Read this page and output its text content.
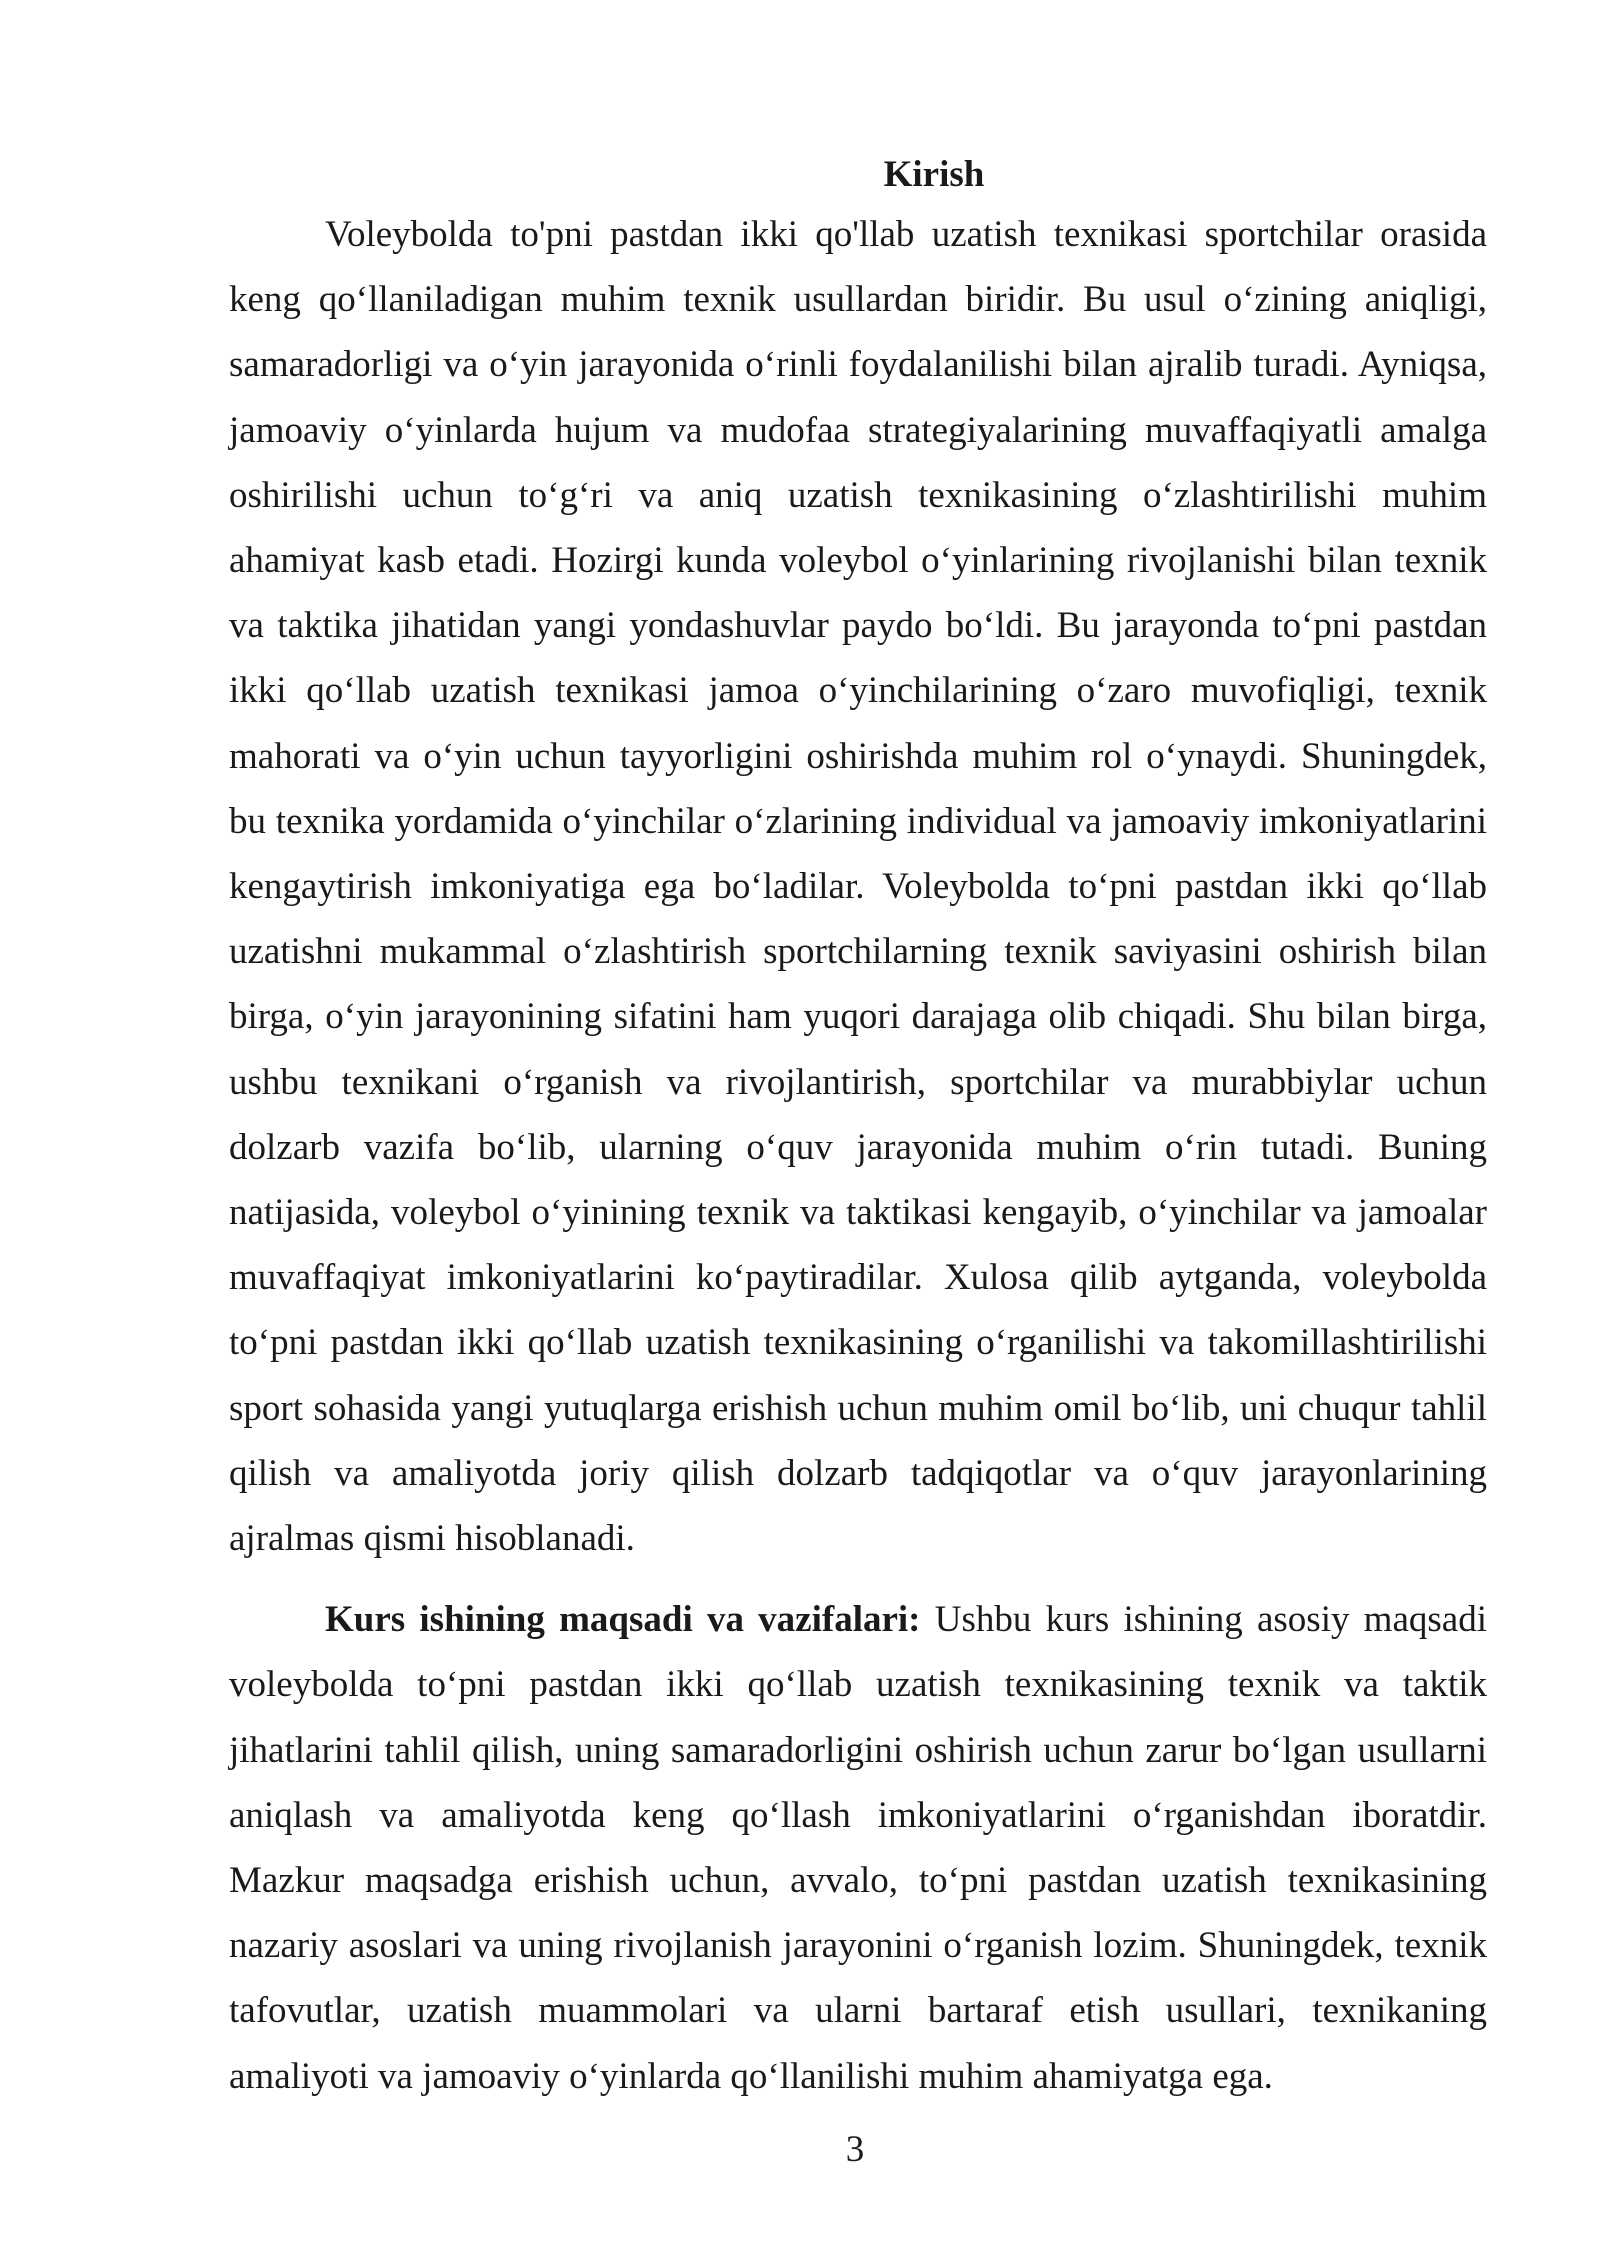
Kirish

Voleybolda to'pni pastdan ikki qo'llab uzatish texnikasi sportchilar orasida keng qoʻllaniladigan muhim texnik usullardan biridir. Bu usul oʻzining aniqligi, samaradorligi va oʻyin jarayonida oʻrinli foydalanilishi bilan ajralib turadi. Ayniqsa, jamoaviy oʻyinlarda hujum va mudofaa strategiyalarining muvaffaqiyatli amalga oshirilishi uchun toʻgʻri va aniq uzatish texnikasining oʻzlashtirilishi muhim ahamiyat kasb etadi. Hozirgi kunda voleybol oʻyinlarining rivojlanishi bilan texnik va taktika jihatidan yangi yondashuvlar paydo boʻldi. Bu jarayonda toʻpni pastdan ikki qoʻllab uzatish texnikasi jamoa oʻyinchilarining oʻzaro muvofiqligi, texnik mahorati va oʻyin uchun tayyorligini oshirishda muhim rol oʻynaydi. Shuningdek, bu texnika yordamida oʻyinchilar oʻzlarining individual va jamoaviy imkoniyatlarini kengaytirish imkoniyatiga ega boʻladilar. Voleybolda toʻpni pastdan ikki qoʻllab uzatishni mukammal oʻzlashtirish sportchilarning texnik saviyasini oshirish bilan birga, oʻyin jarayonining sifatini ham yuqori darajaga olib chiqadi. Shu bilan birga, ushbu texnikani oʻrganish va rivojlantirish, sportchilar va murabbiylar uchun dolzarb vazifa boʻlib, ularning oʻquv jarayonida muhim oʻrin tutadi. Buning natijasida, voleybol oʻyinining texnik va taktikasi kengayib, oʻyinchilar va jamoalar muvaffaqiyat imkoniyatlarini koʻpaytiradilar. Xulosa qilib aytganda, voleybolda toʻpni pastdan ikki qoʻllab uzatish texnikasining oʻrganilishi va takomillashtirilishi sport sohasida yangi yutuqlarga erishish uchun muhim omil boʻlib, uni chuqur tahlil qilish va amaliyotda joriy qilish dolzarb tadqiqotlar va oʻquv jarayonlarining ajralmas qismi hisoblanadi.

Kurs ishining maqsadi va vazifalari: Ushbu kurs ishining asosiy maqsadi voleybolda toʻpni pastdan ikki qoʻllab uzatish texnikasining texnik va taktik jihatlarini tahlil qilish, uning samaradorligini oshirish uchun zarur boʻlgan usullarni aniqlash va amaliyotda keng qoʻllash imkoniyatlarini oʻrganishdan iboratdir. Mazkur maqsadga erishish uchun, avvalo, toʻpni pastdan uzatish texnikasining nazariy asoslari va uning rivojlanish jarayonini oʻrganish lozim. Shuningdek, texnik tafovutlar, uzatish muammolari va ularni bartaraf etish usullari, texnikaning amaliyoti va jamoaviy oʻyinlarda qoʻllanilishi muhim ahamiyatga ega.

3
